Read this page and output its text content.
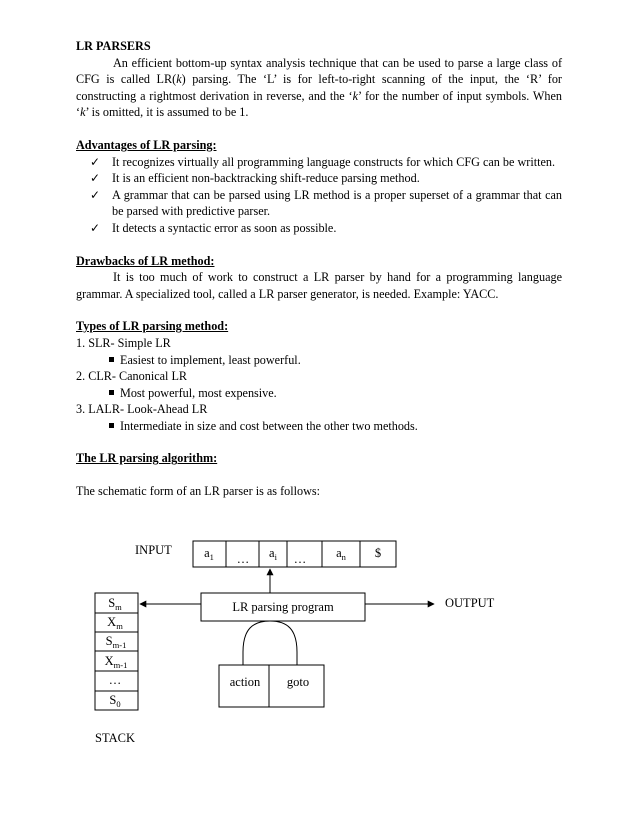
LR PARSERS
An efficient bottom-up syntax analysis technique that can be used to parse a large class of CFG is called LR(k) parsing. The ‘L’ is for left-to-right scanning of the input, the ‘R’ for constructing a rightmost derivation in reverse, and the ‘k’ for the number of input symbols. When ‘k’ is omitted, it is assumed to be 1.
Advantages of LR parsing:
✓ It recognizes virtually all programming language constructs for which CFG can be written.
✓ It is an efficient non-backtracking shift-reduce parsing method.
✓ A grammar that can be parsed using LR method is a proper superset of a grammar that can be parsed with predictive parser.
✓ It detects a syntactic error as soon as possible.
Drawbacks of LR method:
It is too much of work to construct a LR parser by hand for a programming language grammar. A specialized tool, called a LR parser generator, is needed. Example: YACC.
Types of LR parsing method:
1. SLR- Simple LR
Easiest to implement, least powerful.
2. CLR- Canonical LR
Most powerful, most expensive.
3. LALR- Look-Ahead LR
Intermediate in size and cost between the other two methods.
The LR parsing algorithm:
The schematic form of an LR parser is as follows:
INPUT	$a_1$ … $a_i$ … $a_n$ $
LR parsing program	OUTPUT
$S_m$
$X_m$
$S_{m-1}$
$X_{m-1}$
…
$S_0$
STACK
action goto
